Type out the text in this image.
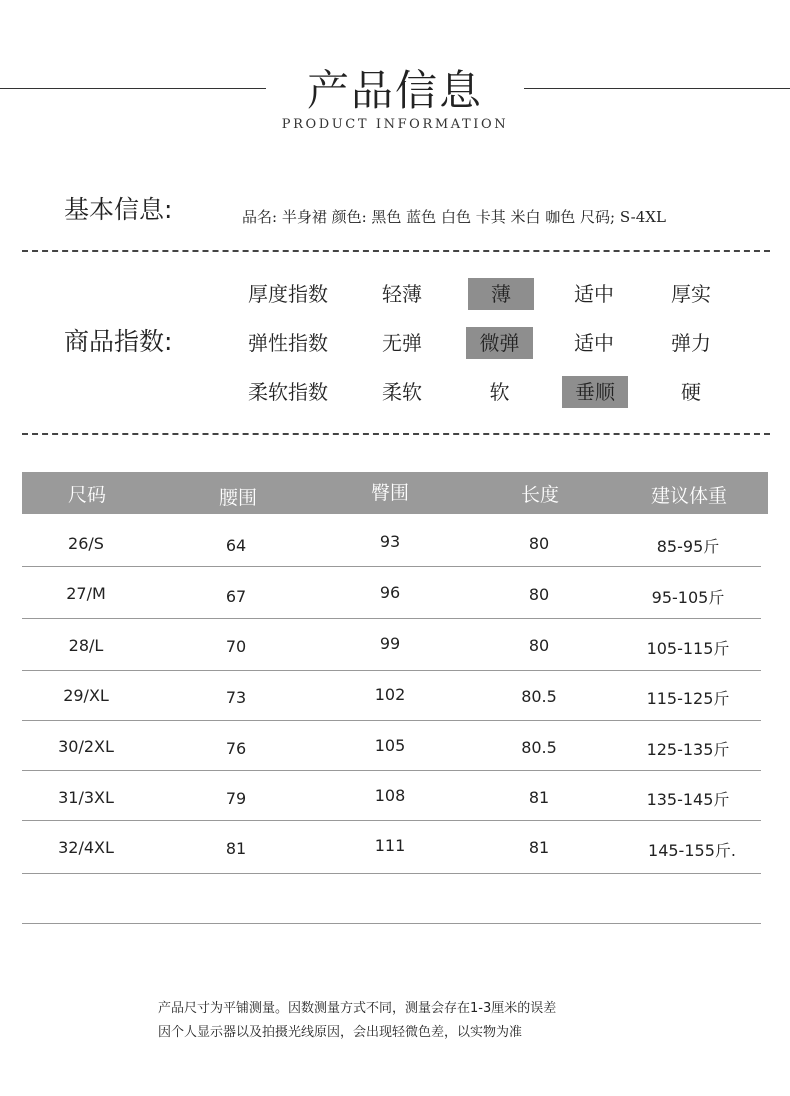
产品信息
PRODUCT INFORMATION
基本信息:	品名: 半身裙 颜色: 黑色 蓝色 白色 卡其 米白 咖色 尺码; S-4XL
商品指数:
厚度指数	轻薄	薄	适中	厚实
弹性指数	无弹	微弹	适中	弹力
柔软指数	柔软	软	垂顺	硬
尺码	腰围	臀围	长度	建议体重
26/S	64	93	80	85-95斤
27/M	67	96	80	95-105斤
28/L	70	99	80	105-115斤
29/XL	73	102	80.5	115-125斤
30/2XL	76	105	80.5	125-135斤
31/3XL	79	108	81	135-145斤
32/4XL	81	111	81	145-155斤.
产品尺寸为平铺测量。因数测量方式不同，测量会存在1-3厘米的误差
因个人显示器以及拍摄光线原因，会出现轻微色差，以实物为准
